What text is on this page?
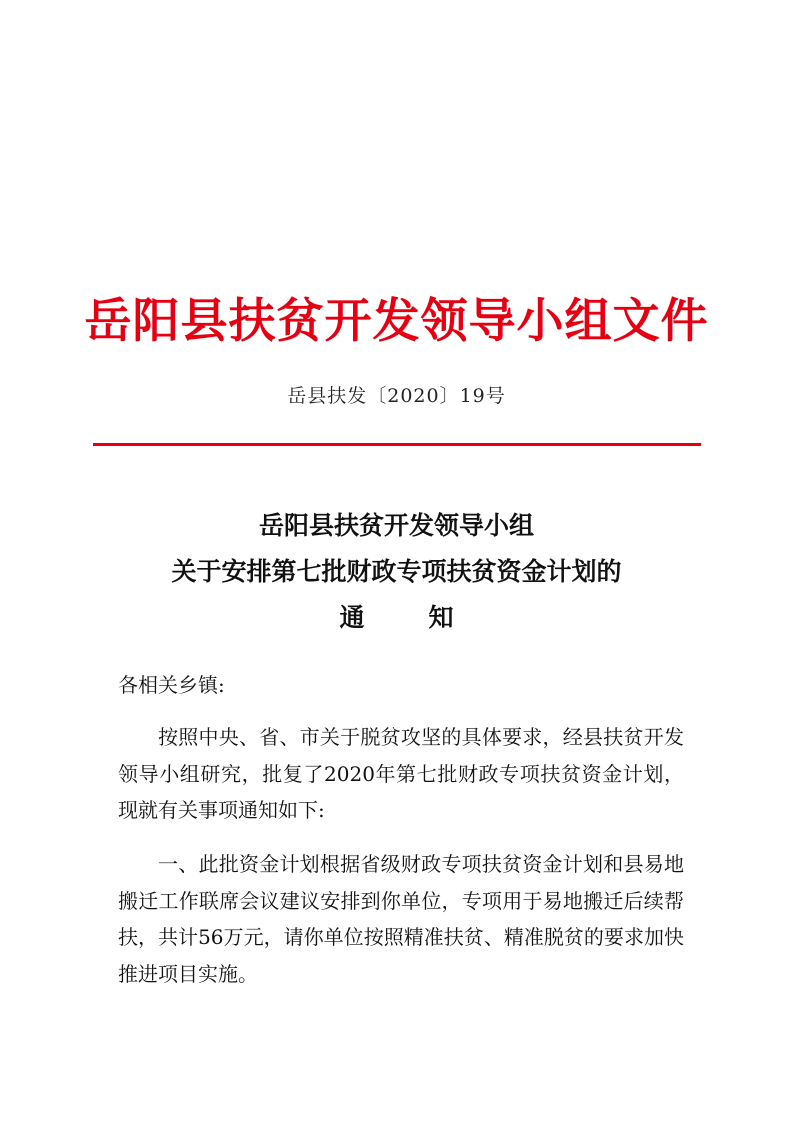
岳阳县扶贫开发领导小组文件
岳县扶发〔2020〕19号
岳阳县扶贫开发领导小组
关于安排第七批财政专项扶贫资金计划的
通知
各相关乡镇:

按照中央、省、市关于脱贫攻坚的具体要求，经县扶贫开发领导小组研究，批复了2020年第七批财政专项扶贫资金计划，现就有关事项通知如下:

一、此批资金计划根据省级财政专项扶贫资金计划和县易地搬迁工作联席会议建议安排到你单位，专项用于易地搬迁后续帮扶，共计56万元，请你单位按照精准扶贫、精准脱贫的要求加快推进项目实施。
